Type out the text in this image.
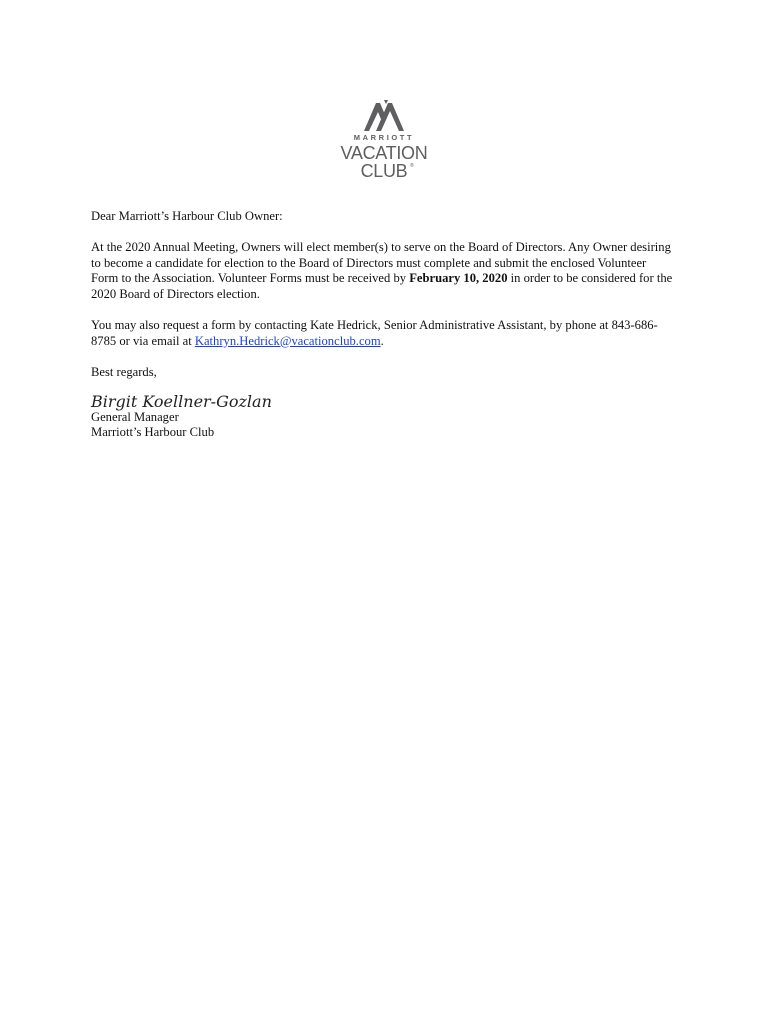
MARRIOTT
VACATION
CLUB ®

Dear Marriott’s Harbour Club Owner:

At the 2020 Annual Meeting, Owners will elect member(s) to serve on the Board of Directors. Any Owner desiring to become a candidate for election to the Board of Directors must complete and submit the enclosed Volunteer Form to the Association. Volunteer Forms must be received by February 10, 2020 in order to be considered for the 2020 Board of Directors election.

You may also request a form by contacting Kate Hedrick, Senior Administrative Assistant, by phone at 843-686-8785 or via email at Kathryn.Hedrick@vacationclub.com.

Best regards,

Birgit Koellner-Gozlan
General Manager
Marriott’s Harbour Club
